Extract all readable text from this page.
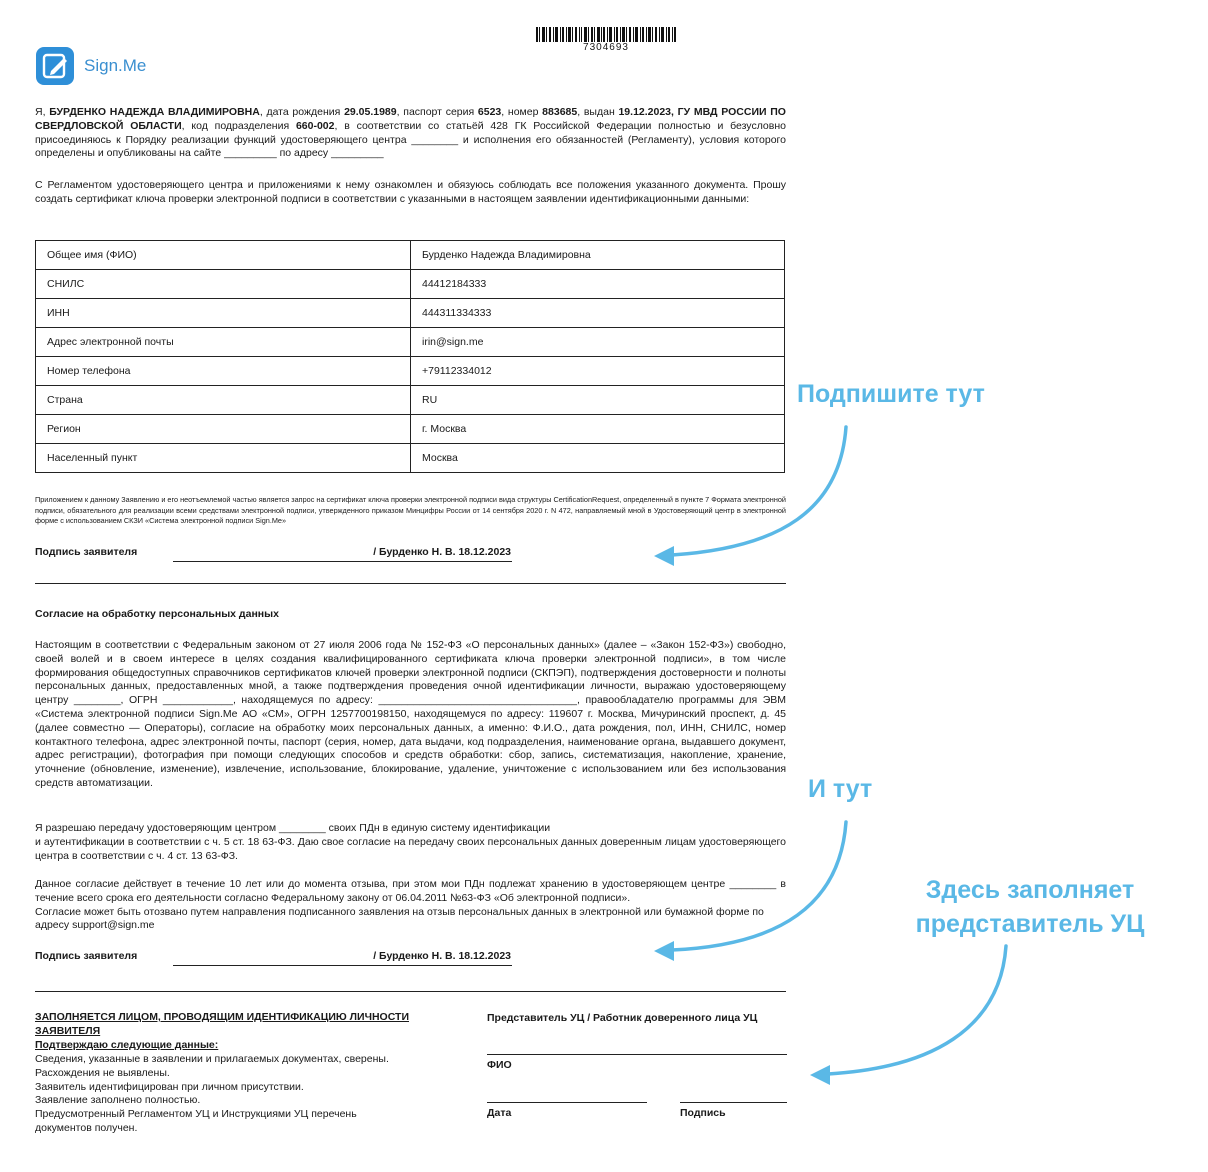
Sign.Me
7304693
Я, БУРДЕНКО НАДЕЖДА ВЛАДИМИРОВНА, дата рождения 29.05.1989, паспорт серия 6523, номер 883685, выдан 19.12.2023, ГУ МВД РОССИИ ПО СВЕРДЛОВСКОЙ ОБЛАСТИ, код подразделения 660-002, в соответствии со статьёй 428 ГК Российской Федерации полностью и безусловно присоединяюсь к Порядку реализации функций удостоверяющего центра ________ и исполнения его обязанностей (Регламенту), условия которого определены и опубликованы на сайте _________ по адресу _________
С Регламентом удостоверяющего центра и приложениями к нему ознакомлен и обязуюсь соблюдать все положения указанного документа. Прошу создать сертификат ключа проверки электронной подписи в соответствии с указанными в настоящем заявлении идентификационными данными:
Общее имя (ФИО)	Бурденко Надежда Владимировна
СНИЛС	44412184333
ИНН	444311334333
Адрес электронной почты	irin@sign.me
Номер телефона	+79112334012
Страна	RU
Регион	г. Москва
Населенный пункт	Москва
Приложением к данному Заявлению и его неотъемлемой частью является запрос на сертификат ключа проверки электронной подписи вида структуры CertificationRequest, определенный в пункте 7 Формата электронной подписи, обязательного для реализации всеми средствами электронной подписи, утвержденного приказом Минцифры России от 14 сентября 2020 г. N 472, направляемый мной в Удостоверяющий центр в электронной форме с использованием СКЗИ «Система электронной подписи Sign.Me»
Подпись заявителя	/ Бурденко Н. В. 18.12.2023
Согласие на обработку персональных данных
Настоящим в соответствии с Федеральным законом от 27 июля 2006 года № 152-ФЗ «О персональных данных» (далее – «Закон 152-ФЗ») свободно, своей волей и в своем интересе в целях создания квалифицированного сертификата ключа проверки электронной подписи», в том числе формирования общедоступных справочников сертификатов ключей проверки электронной подписи (СКПЭП), подтверждения достоверности и полноты персональных данных, предоставленных мной, а также подтверждения проведения очной идентификации личности, выражаю удостоверяющему центру ________, ОГРН ____________, находящемуся по адресу: __________________________________, правообладателю программы для ЭВМ «Система электронной подписи Sign.Me АО «СМ», ОГРН 1257700198150, находящемуся по адресу: 119607 г. Москва, Мичуринский проспект, д. 45 (далее совместно — Операторы), согласие на обработку моих персональных данных, а именно: Ф.И.О., дата рождения, пол, ИНН, СНИЛС, номер контактного телефона, адрес электронной почты, паспорт (серия, номер, дата выдачи, код подразделения, наименование органа, выдавшего документ, адрес регистрации), фотография при помощи следующих способов и средств обработки: сбор, запись, систематизация, накопление, хранение, уточнение (обновление, изменение), извлечение, использование, блокирование, удаление, уничтожение с использованием или без использования средств автоматизации.
Я разрешаю передачу удостоверяющим центром ________ своих ПДн в единую систему идентификации
и аутентификации в соответствии с ч. 5 ст. 18 63-ФЗ. Даю свое согласие на передачу своих персональных данных доверенным лицам удостоверяющего центра в соответствии с ч. 4 ст. 13 63-ФЗ.
Данное согласие действует в течение 10 лет или до момента отзыва, при этом мои ПДн подлежат хранению в удостоверяющем центре ________ в течение всего срока его деятельности согласно Федеральному закону от 06.04.2011 №63-ФЗ «Об электронной подписи».
Согласие может быть отозвано путем направления подписанного заявления на отзыв персональных данных в электронной или бумажной форме по адресу support@sign.me
Подпись заявителя	/ Бурденко Н. В. 18.12.2023
ЗАПОЛНЯЕТСЯ ЛИЦОМ, ПРОВОДЯЩИМ ИДЕНТИФИКАЦИЮ ЛИЧНОСТИ ЗАЯВИТЕЛЯ
Подтверждаю следующие данные:
Сведения, указанные в заявлении и прилагаемых документах, сверены.
Расхождения не выявлены.
Заявитель идентифицирован при личном присутствии.
Заявление заполнено полностью.
Предусмотренный Регламентом УЦ и Инструкциями УЦ перечень
документов получен.
Представитель УЦ / Работник доверенного лица УЦ
ФИО
Дата	Подпись
Подпишите тут
И тут
Здесь заполняет
представитель УЦ
